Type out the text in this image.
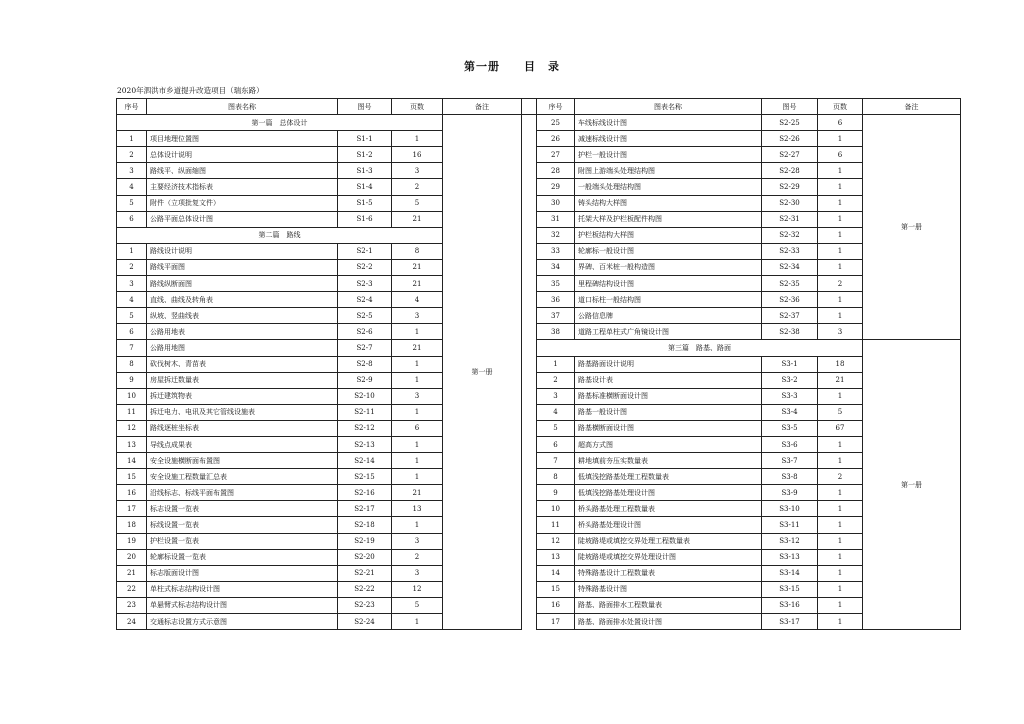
第一册　　目　录
2020年泗洪市乡道提升改造项目（瑞东路）
序号	图表名称	图号	页数	备注		序号	图表名称	图号	页数	备注
第一篇　总体设计				第一册		25	车线标线设计图	S2-25	6	第一册
1	项目地理位置图	S1-1	1			26	减速标线设计图	S2-26	1	
2	总体设计说明	S1-2	16			27	护栏一般设计图	S2-27	6	
3	路线平、纵面缩图	S1-3	3			28	附图上游端头处理结构图	S2-28	1	
4	主要经济技术指标表	S1-4	2			29	一般端头处理结构图	S2-29	1	
5	附件（立项批复文件）	S1-5	5			30	铸头结构大样图	S2-30	1	
6	公路平面总体设计图	S1-6	21			31	托架大样及护栏板配件构图	S2-31	1	
第二篇　路线						32	护栏板结构大样图	S2-32	1	
1	路线设计说明	S2-1	8			33	轮廓标一般设计图	S2-33	1	
2	路线平面图	S2-2	21			34	界碑、百米桩一般构造图	S2-34	1	
3	路线纵断面图	S2-3	21			35	里程碑结构设计图	S2-35	2	
4	直线、曲线及转角表	S2-4	4			36	道口标柱一般结构图	S2-36	1	
5	纵坡、竖曲线表	S2-5	3			37	公路信息牌	S2-37	1	
6	公路用地表	S2-6	1			38	道路工程单柱式广角镜设计图	S2-38	3	
7	公路用地图	S2-7	21			第三篇　路基、路面				第一册
8	砍伐树木、青苗表	S2-8	1			1	路基路面设计说明	S3-1	18	
9	房屋拆迁数量表	S2-9	1			2	路基设计表	S3-2	21	
10	拆迁建筑物表	S2-10	3			3	路基标准横断面设计图	S3-3	1	
11	拆迁电力、电讯及其它管线设施表	S2-11	1			4	路基一般设计图	S3-4	5	
12	路线逐桩坐标表	S2-12	6			5	路基横断面设计图	S3-5	67	
13	导线点成果表	S2-13	1			6	超高方式图	S3-6	1	
14	安全设施横断面布置图	S2-14	1			7	耕地填前夯压实数量表	S3-7	1	
15	安全设施工程数量汇总表	S2-15	1			8	低填浅挖路基处理工程数量表	S3-8	2	
16	沿线标志、标线平面布置图	S2-16	21			9	低填浅挖路基处理设计图	S3-9	1	
17	标志设置一览表	S2-17	13			10	桥头路基处理工程数量表	S3-10	1	
18	标线设置一览表	S2-18	1			11	桥头路基处理设计图	S3-11	1	
19	护栏设置一览表	S2-19	3			12	陡坡路堤或填挖交界处理工程数量表	S3-12	1	
20	轮廓标设置一览表	S2-20	2			13	陡坡路堤或填挖交界处理设计图	S3-13	1	
21	标志版面设计图	S2-21	3			14	特殊路基设计工程数量表	S3-14	1	
22	单柱式标志结构设计图	S2-22	12			15	特殊路基设计图	S3-15	1	
23	单悬臂式标志结构设计图	S2-23	5			16	路基、路面排水工程数量表	S3-16	1	
24	交通标志设置方式示意图	S2-24	1			17	路基、路面排水处置设计图	S3-17	1	
